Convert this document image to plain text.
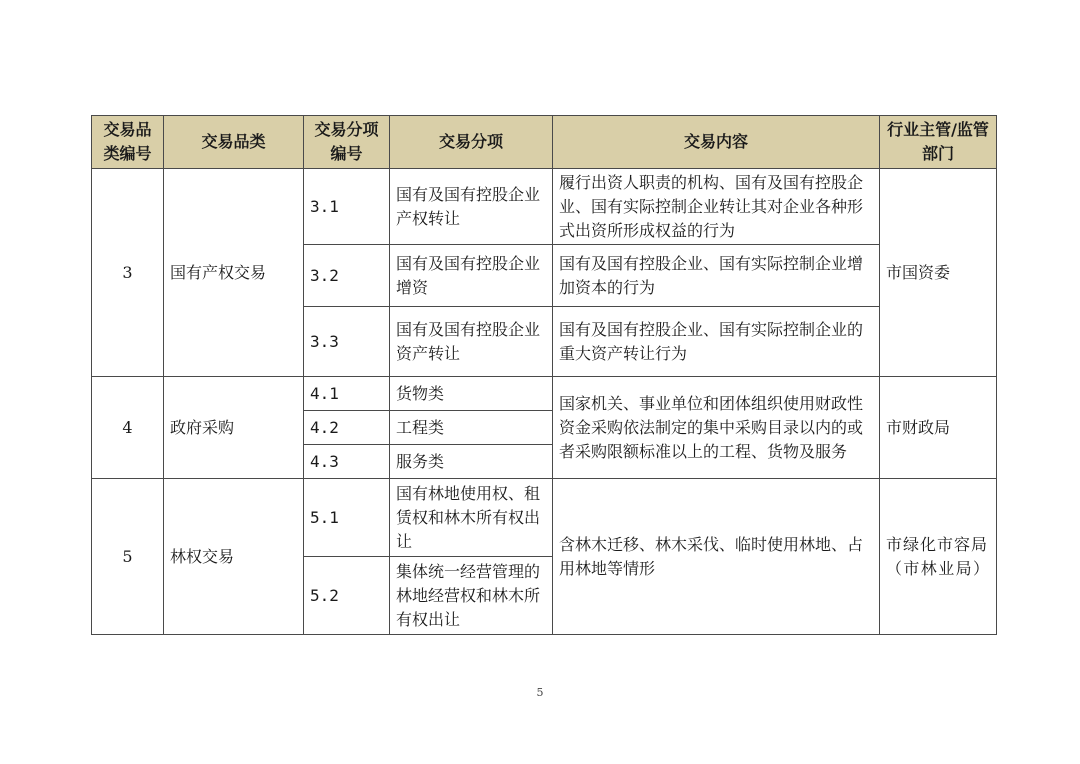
交易品类编号	交易品类	交易分项编号	交易分项	交易内容	行业主管/监管部门
3	国有产权交易	3.1	国有及国有控股企业产权转让	履行出资人职责的机构、国有及国有控股企业、国有实际控制企业转让其对企业各种形式出资所形成权益的行为	市国资委
		3.2	国有及国有控股企业增资	国有及国有控股企业、国有实际控制企业增加资本的行为	
		3.3	国有及国有控股企业资产转让	国有及国有控股企业、国有实际控制企业的重大资产转让行为	
4	政府采购	4.1	货物类	国家机关、事业单位和团体组织使用财政性资金采购依法制定的集中采购目录以内的或者采购限额标准以上的工程、货物及服务	市财政局
		4.2	工程类		
		4.3	服务类		
5	林权交易	5.1	国有林地使用权、租赁权和林木所有权出让	含林木迁移、林木采伐、临时使用林地、占用林地等情形	市绿化市容局（市林业局）
		5.2	集体统一经营管理的林地经营权和林木所有权出让		
5
